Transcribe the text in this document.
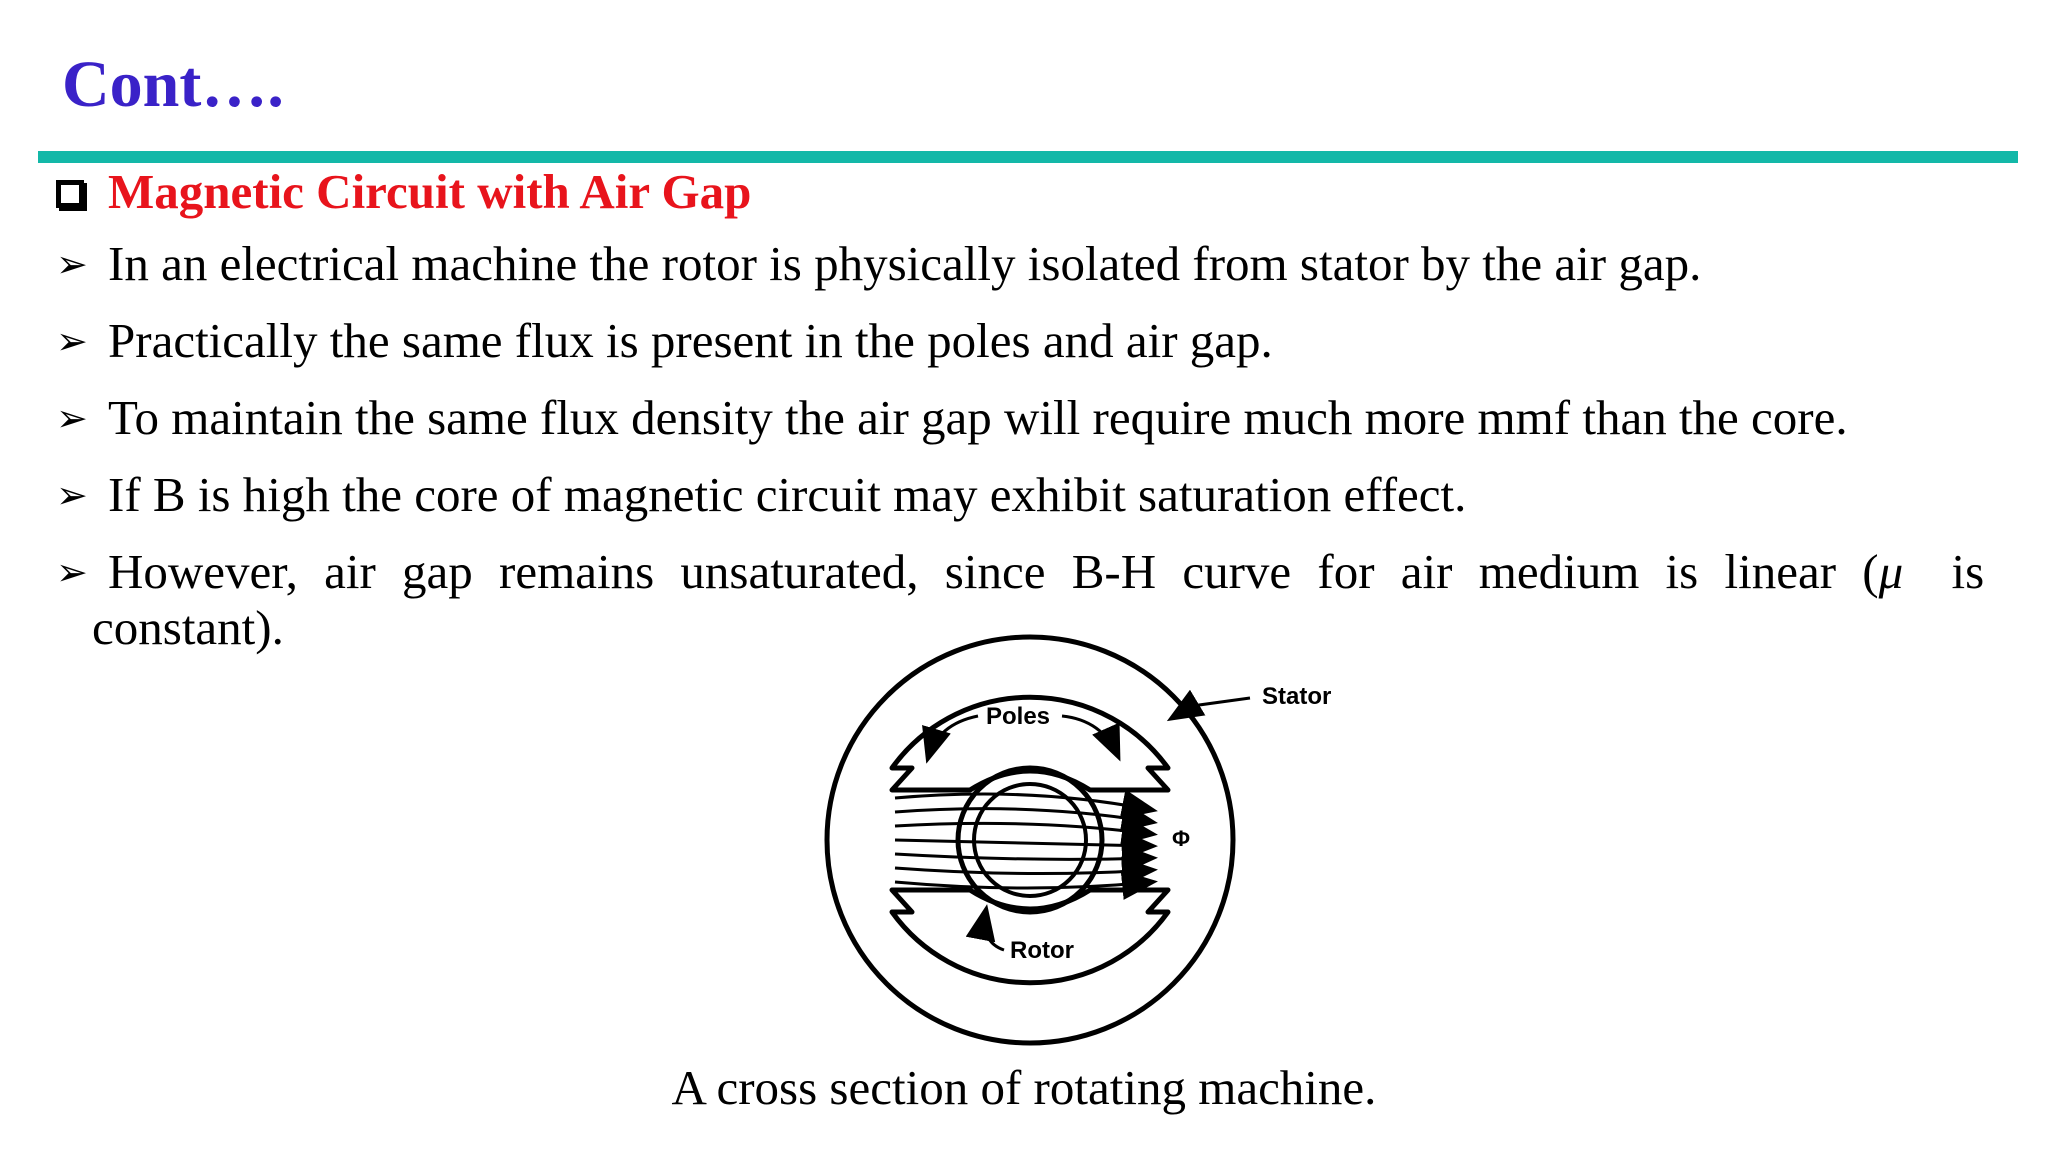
Cont….
Magnetic Circuit with Air Gap
➢ In an electrical machine the rotor is physically isolated from stator by the air gap.
➢ Practically the same flux is present in the poles and air gap.
➢ To maintain the same flux density the air gap will require much more mmf than the core.
➢ If B is high the core of magnetic circuit may exhibit saturation effect.
➢ However, air gap remains unsaturated, since B-H curve for air medium is linear (μ is
constant).
Poles
Stator
Φ
Rotor
A cross section of rotating machine.
